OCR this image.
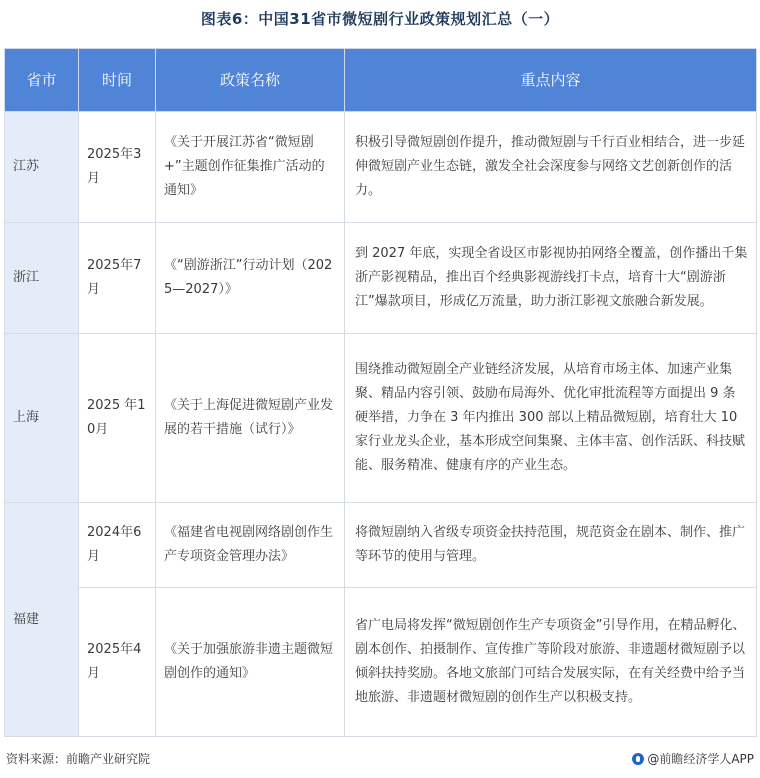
图表6：中国31省市微短剧行业政策规划汇总（一）
省市	时间	政策名称	重点内容
江苏	2025年3月	《关于开展江苏省“微短剧+”主题创作征集推广活动的通知》	积极引导微短剧创作提升，推动微短剧与千行百业相结合，进一步延伸微短剧产业生态链，激发全社会深度参与网络文艺创新创作的活力。
浙江	2025年7月	《“剧游浙江”行动计划（2025—2027）》	到 2027 年底，实现全省设区市影视协拍网络全覆盖，创作播出千集浙产影视精品，推出百个经典影视游线打卡点，培育十大“剧游浙江”爆款项目，形成亿万流量，助力浙江影视文旅融合新发展。
上海	2025 年10月	《关于上海促进微短剧产业发展的若干措施（试行）》	围绕推动微短剧全产业链经济发展，从培育市场主体、加速产业集聚、精品内容引领、鼓励布局海外、优化审批流程等方面提出 9 条硬举措，力争在 3 年内推出 300 部以上精品微短剧，培育壮大 10 家行业龙头企业，基本形成空间集聚、主体丰富、创作活跃、科技赋能、服务精准、健康有序的产业生态。
福建	2024年6月	《福建省电视剧网络剧创作生产专项资金管理办法》	将微短剧纳入省级专项资金扶持范围，规范资金在剧本、制作、推广等环节的使用与管理。
	2025年4月	《关于加强旅游非遗主题微短剧创作的通知》	省广电局将发挥“微短剧创作生产专项资金”引导作用，在精品孵化、剧本创作、拍摄制作、宣传推广等阶段对旅游、非遗题材微短剧予以倾斜扶持奖励。各地文旅部门可结合发展实际，在有关经费中给予当地旅游、非遗题材微短剧的创作生产以积极支持。
资料来源：前瞻产业研究院	@前瞻经济学人APP
